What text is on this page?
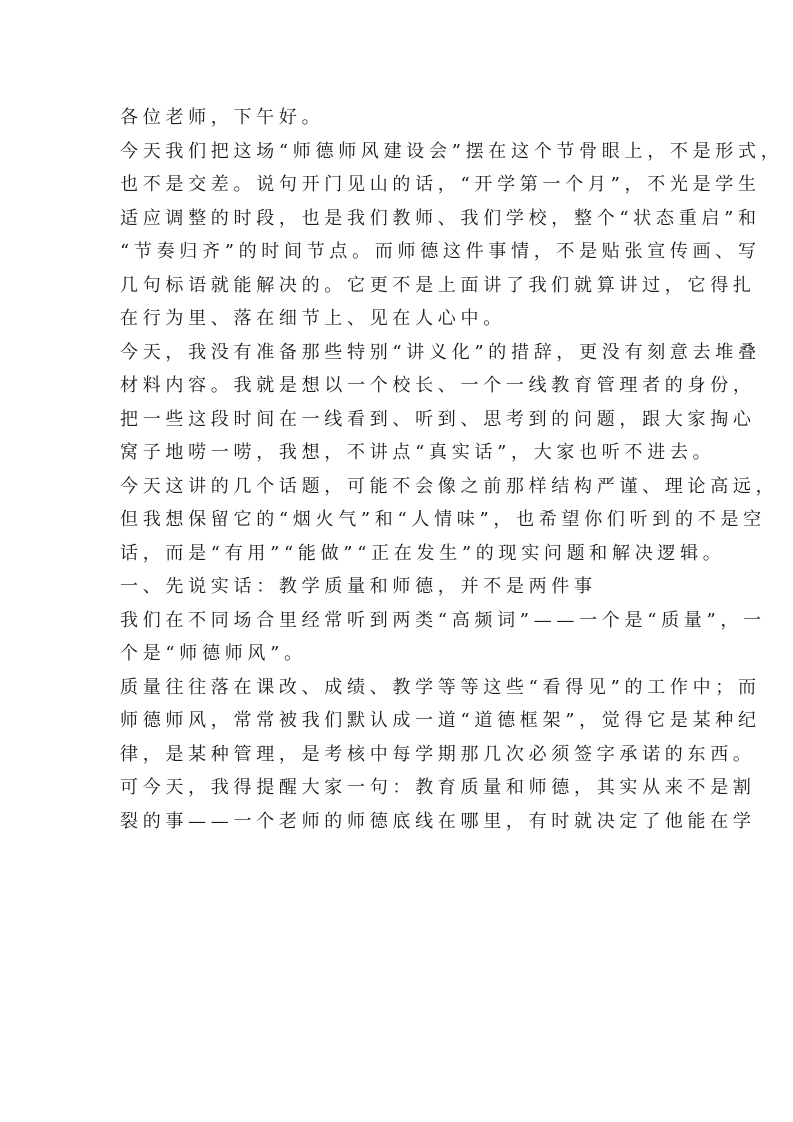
各位老师，下午好。
今天我们把这场“师德师风建设会”摆在这个节骨眼上，不是形式，
也不是交差。说句开门见山的话，“开学第一个月”，不光是学生
适应调整的时段，也是我们教师、我们学校，整个“状态重启”和
“节奏归齐”的时间节点。而师德这件事情，不是贴张宣传画、写
几句标语就能解决的。它更不是上面讲了我们就算讲过，它得扎
在行为里、落在细节上、见在人心中。
今天，我没有准备那些特别“讲义化”的措辞，更没有刻意去堆叠
材料内容。我就是想以一个校长、一个一线教育管理者的身份，
把一些这段时间在一线看到、听到、思考到的问题，跟大家掏心
窝子地唠一唠，我想，不讲点“真实话”，大家也听不进去。
今天这讲的几个话题，可能不会像之前那样结构严谨、理论高远，
但我想保留它的“烟火气”和“人情味”，也希望你们听到的不是空
话，而是“有用”“能做”“正在发生”的现实问题和解决逻辑。
一、先说实话：教学质量和师德，并不是两件事
我们在不同场合里经常听到两类“高频词”——一个是“质量”，一
个是“师德师风”。
质量往往落在课改、成绩、教学等等这些“看得见”的工作中；而
师德师风，常常被我们默认成一道“道德框架”，觉得它是某种纪
律，是某种管理，是考核中每学期那几次必须签字承诺的东西。
可今天，我得提醒大家一句：教育质量和师德，其实从来不是割
裂的事——一个老师的师德底线在哪里，有时就决定了他能在学
